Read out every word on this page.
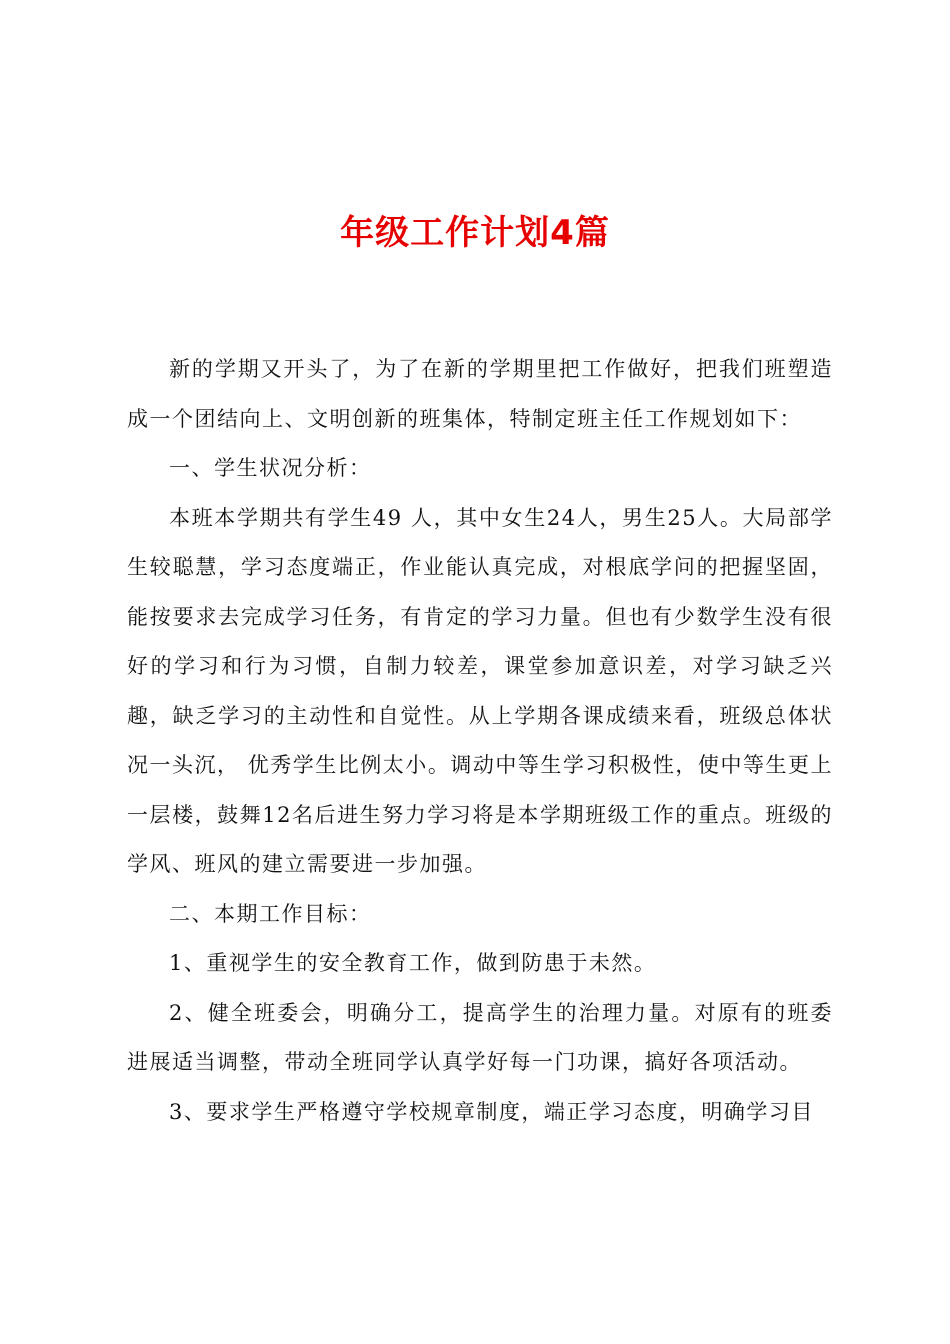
年级工作计划4篇

新的学期又开头了，为了在新的学期里把工作做好，把我们班塑造成一个团结向上、文明创新的班集体，特制定班主任工作规划如下：

一、学生状况分析：

本班本学期共有学生49 人，其中女生24人，男生25人。大局部学生较聪慧，学习态度端正，作业能认真完成，对根底学问的把握坚固，能按要求去完成学习任务，有肯定的学习力量。但也有少数学生没有很好的学习和行为习惯，自制力较差，课堂参加意识差，对学习缺乏兴趣，缺乏学习的主动性和自觉性。从上学期各课成绩来看，班级总体状况一头沉， 优秀学生比例太小。调动中等生学习积极性，使中等生更上一层楼，鼓舞12名后进生努力学习将是本学期班级工作的重点。班级的学风、班风的建立需要进一步加强。

二、本期工作目标：

1、重视学生的安全教育工作，做到防患于未然。

2、健全班委会，明确分工，提高学生的治理力量。对原有的班委进展适当调整，带动全班同学认真学好每一门功课，搞好各项活动。

3、要求学生严格遵守学校规章制度，端正学习态度，明确学习目
